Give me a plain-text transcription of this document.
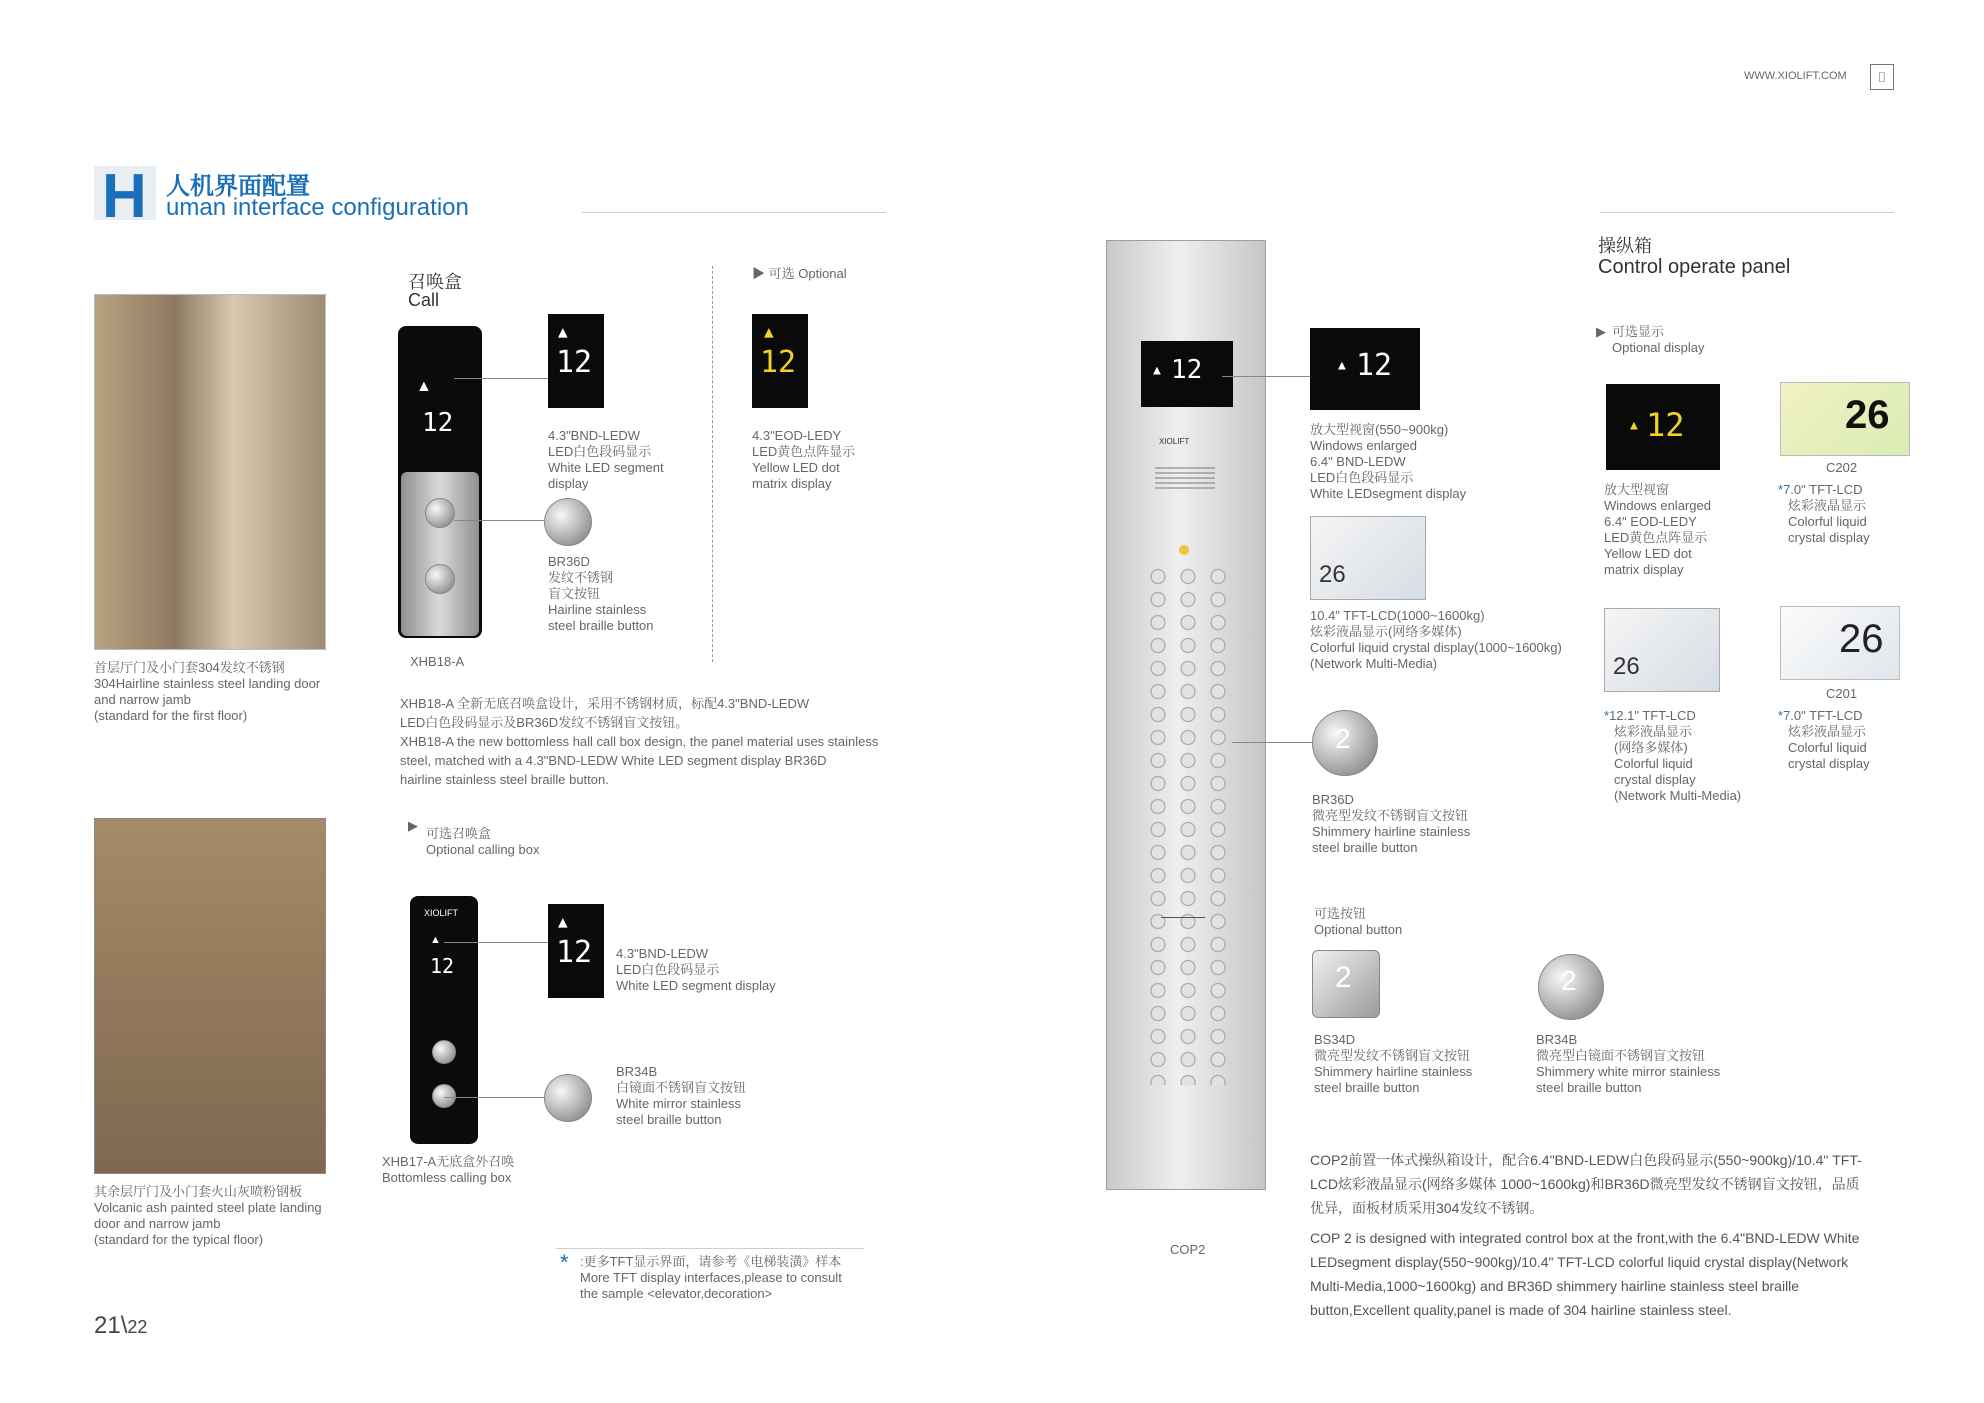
WWW.XIOLIFT.COM	⌷
H 人机界面配置
uman interface configuration
首层厅门及小门套304发纹不锈钢
304Hairline stainless steel landing door
and narrow jamb
(standard for the first floor)
其余层厅门及小门套火山灰喷粉钢板
Volcanic ash painted steel plate landing
door and narrow jamb
(standard for the typical floor)
召唤盒
Call
▲
12
XHB18-A
▲
12
4.3"BND-LEDW
LED白色段码显示
White LED segment
display
▶ 可选 Optional
▲
12
4.3"EOD-LEDY
LED黄色点阵显示
Yellow LED dot
matrix display
BR36D
发纹不锈钢
盲文按钮
Hairline stainless
steel braille button
XHB18-A 全新无底召唤盒设计，采用不锈钢材质，标配4.3"BND-LEDW
LED白色段码显示及BR36D发纹不锈钢盲文按钮。
XHB18-A the new bottomless hall call box design, the panel material uses stainless
steel, matched with a 4.3"BND-LEDW White LED segment display BR36D
hairline stainless steel braille button.
▶
可选召唤盒
Optional calling box
XIOLIFT
▲
12
▲
12	4.3"BND-LEDW
LED白色段码显示
White LED segment display
BR34B
白镜面不锈钢盲文按钮
White mirror stainless
steel braille button
XHB17-A无底盒外召唤
Bottomless calling box
* :更多TFT显示界面，请参考《电梯装潢》样本
More TFT display interfaces,please to consult
the sample <elevator,decoration>
21\22
▲ 12
XIOLIFT
COP2
操纵箱
Control operate panel
▶ 可选显示
Optional display
▲ 12
放大型视窗(550~900kg)
Windows enlarged
6.4" BND-LEDW
LED白色段码显示
White LEDsegment display
26
10.4" TFT-LCD(1000~1600kg)
炫彩液晶显示(网络多媒体)
Colorful liquid crystal display(1000~1600kg)
(Network Multi-Media)
2
BR36D
微亮型发纹不锈钢盲文按钮
Shimmery hairline stainless
steel braille button
▲ 12
放大型视窗
Windows enlarged
6.4" EOD-LEDY
LED黄色点阵显示
Yellow LED dot
matrix display
26
C202
*7.0" TFT-LCD
炫彩液晶显示
Colorful liquid
crystal display
26
*12.1" TFT-LCD
炫彩液晶显示
(网络多媒体)
Colorful liquid
crystal display
(Network Multi-Media)
26
C201
*7.0" TFT-LCD
炫彩液晶显示
Colorful liquid
crystal display
可选按钮
Optional button
2
BS34D
微亮型发纹不锈钢盲文按钮
Shimmery hairline stainless
steel braille button
2
BR34B
微亮型白镜面不锈钢盲文按钮
Shimmery white mirror stainless
steel braille button
COP2前置一体式操纵箱设计，配合6.4"BND-LEDW白色段码显示(550~900kg)/10.4" TFT-
LCD炫彩液晶显示(网络多媒体 1000~1600kg)和BR36D微亮型发纹不锈钢盲文按钮，品质
优异，面板材质采用304发纹不锈钢。
COP 2 is designed with integrated control box at the front,with the 6.4"BND-LEDW White
LEDsegment display(550~900kg)/10.4" TFT-LCD colorful liquid crystal display(Network
Multi-Media,1000~1600kg) and BR36D shimmery hairline stainless steel braille
button,Excellent quality,panel is made of 304 hairline stainless steel.
